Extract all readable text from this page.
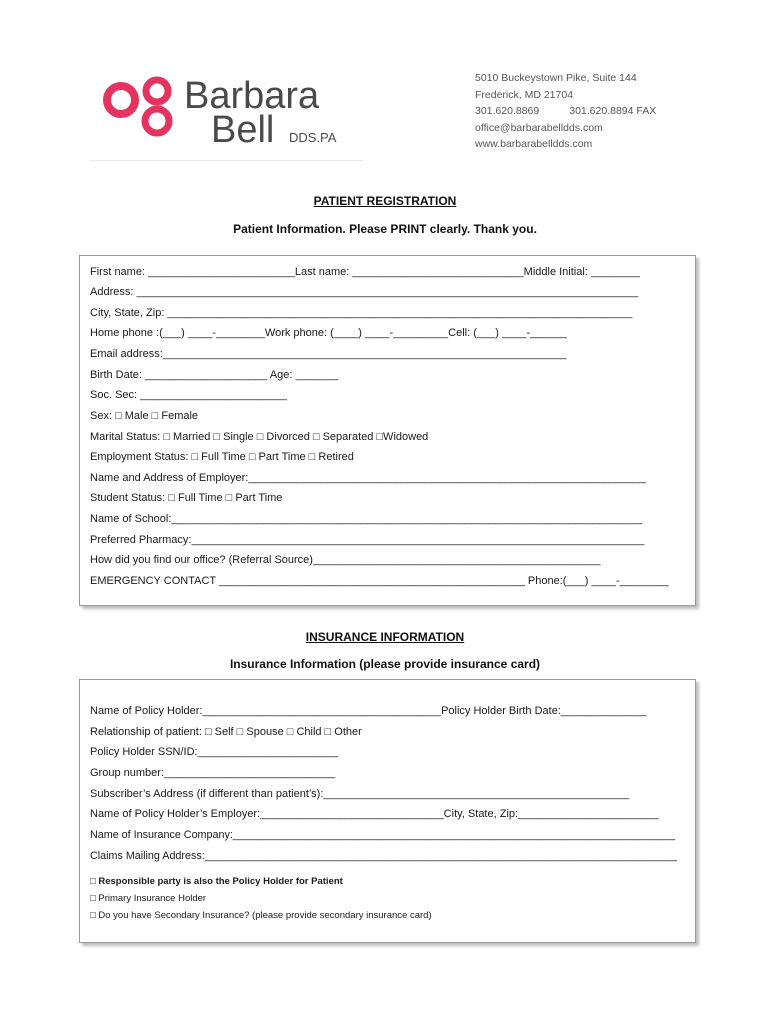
Barbara
Bell DDS.PA
5010 Buckeystown Pike, Suite 144
Frederick, MD 21704
301.620.8869	301.620.8894 FAX
office@barbarabelldds.com
www.barbarabelldds.com
PATIENT REGISTRATION
Patient Information. Please PRINT clearly. Thank you.
First name: ________________________Last name: ____________________________Middle Initial: ________
Address: __________________________________________________________________________________
City, State, Zip: ____________________________________________________________________________
Home phone :(___) ____-________Work phone: (____) ____-_________Cell: (___) ____-______
Email address:__________________________________________________________________
Birth Date: ____________________ Age: _______
Soc. Sec: ________________________
Sex: □ Male □ Female
Marital Status: □ Married □ Single □ Divorced □ Separated □Widowed
Employment Status: □ Full Time □ Part Time □ Retired
Name and Address of Employer:_________________________________________________________________
Student Status: □ Full Time □ Part Time
Name of School:_____________________________________________________________________________
Preferred Pharmacy:__________________________________________________________________________
How did you find our office? (Referral Source)_______________________________________________
EMERGENCY CONTACT __________________________________________________ Phone:(___) ____-________
INSURANCE INFORMATION
Insurance Information (please provide insurance card)
Name of Policy Holder:_______________________________________Policy Holder Birth Date:______________
Relationship of patient: □ Self □ Spouse □ Child □ Other
Policy Holder SSN/ID:_______________________
Group number:____________________________
Subscriber’s Address (if different than patient’s):__________________________________________________
Name of Policy Holder’s Employer:______________________________City, State, Zip:_______________________
Name of Insurance Company:__________________________________________________________________________
Claims Mailing Address:_______________________________________________________________________________
□ Responsible party is also the Policy Holder for Patient
□ Primary Insurance Holder
□ Do you have Secondary Insurance? (please provide secondary insurance card)
